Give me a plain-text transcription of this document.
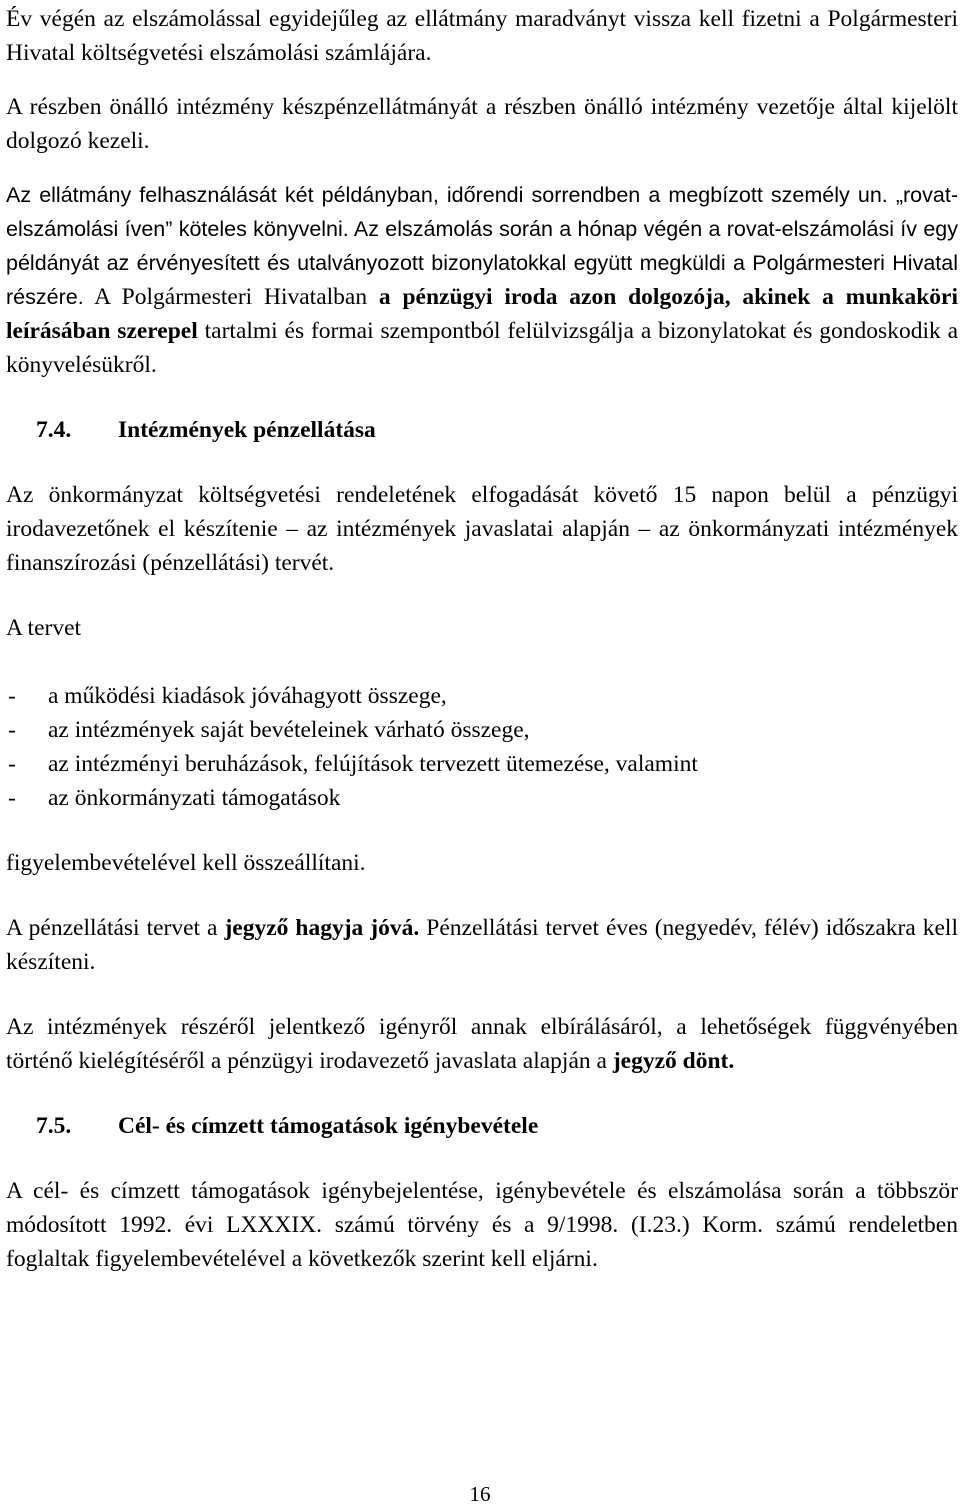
Év végén az elszámolással egyidejűleg az ellátmány maradványt vissza kell fizetni a Polgármesteri Hivatal költségvetési elszámolási számlájára.

A részben önálló intézmény készpénzellátmányát a részben önálló intézmény vezetője által kijelölt dolgozó kezeli.

Az ellátmány felhasználását két példányban, időrendi sorrendben a megbízott személy un. „rovat-elszámolási íven” köteles könyvelni. Az elszámolás során a hónap végén a rovat-elszámolási ív egy példányát az érvényesített és utalványozott bizonylatokkal együtt megküldi a Polgármesteri Hivatal részére. A Polgármesteri Hivatalban a pénzügyi iroda azon dolgozója, akinek a munkaköri leírásában szerepel tartalmi és formai szempontból felülvizsgálja a bizonylatokat és gondoskodik a könyvelésükről.

7.4. Intézmények pénzellátása

Az önkormányzat költségvetési rendeletének elfogadását követő 15 napon belül a pénzügyi irodavezetőnek el készítenie – az intézmények javaslatai alapján – az önkormányzati intézmények finanszírozási (pénzellátási) tervét.

A tervet

-	a működési kiadások jóváhagyott összege,
-	az intézmények saját bevételeinek várható összege,
-	az intézményi beruházások, felújítások tervezett ütemezése, valamint
-	az önkormányzati támogatások

figyelembevételével kell összeállítani.

A pénzellátási tervet a jegyző hagyja jóvá. Pénzellátási tervet éves (negyedév, félév) időszakra kell készíteni.

Az intézmények részéről jelentkező igényről annak elbírálásáról, a lehetőségek függvényében történő kielégítéséről a pénzügyi irodavezető javaslata alapján a jegyző dönt.

7.5. Cél- és címzett támogatások igénybevétele

A cél- és címzett támogatások igénybejelentése, igénybevétele és elszámolása során a többször módosított 1992. évi LXXXIX. számú törvény és a 9/1998. (I.23.) Korm. számú rendeletben foglaltak figyelembevételével a következők szerint kell eljárni.

16
